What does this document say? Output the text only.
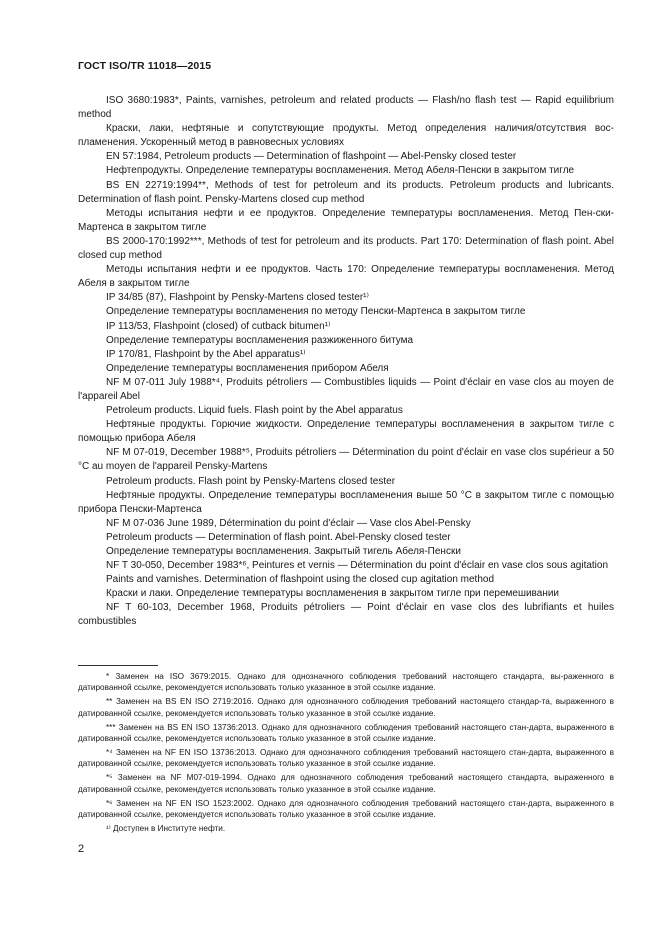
ГОСТ ISO/TR 11018—2015

ISO 3680:1983*, Paints, varnishes, petroleum and related products — Flash/no flash test — Rapid equilibrium method

Краски, лаки, нефтяные и сопутствующие продукты. Метод определения наличия/отсутствия вос-пламенения. Ускоренный метод в равновесных условиях

EN 57:1984, Petroleum products — Determination of flashpoint — Abel-Pensky closed tester

Нефтепродукты. Определение температуры воспламенения. Метод Абеля-Пенски в закрытом тигле

BS EN 22719:1994**, Methods of test for petroleum and its products. Petroleum products and lubricants. Determination of flash point. Pensky-Martens closed cup method

Методы испытания нефти и ее продуктов. Определение температуры воспламенения. Метод Пен-ски-Мартенса в закрытом тигле

BS 2000-170:1992***, Methods of test for petroleum and its products. Part 170: Determination of flash point. Abel closed cup method

Методы испытания нефти и ее продуктов. Часть 170: Определение температуры воспламенения. Метод Абеля в закрытом тигле

IP 34/85 (87), Flashpoint by Pensky-Martens closed tester¹⁾

Определение температуры воспламенения по методу Пенски-Мартенса в закрытом тигле

IP 113/53, Flashpoint (closed) of cutback bitumen¹⁾

Определение температуры воспламенения разжиженного битума

IP 170/81, Flashpoint by the Abel apparatus¹⁾

Определение температуры воспламенения прибором Абеля

NF M 07-011 July 1988*⁴, Produits pétroliers — Combustibles liquids — Point d'éclair en vase clos au moyen de l'appareil Abel

Petroleum products. Liquid fuels. Flash point by the Abel apparatus

Нефтяные продукты. Горючие жидкости. Определение температуры воспламенения в закрытом тигле с помощью прибора Абеля

NF M 07-019, December 1988*⁵, Produits pétroliers — Détermination du point d'éclair en vase clos supérieur a 50 °C au moyen de l'appareil Pensky-Martens

Petroleum products. Flash point by Pensky-Martens closed tester

Нефтяные продукты. Определение температуры воспламенения выше 50 °C в закрытом тигле с помощью прибора Пенски-Мартенса

NF M 07-036 June 1989, Détermination du point d'éclair — Vase clos Abel-Pensky

Petroleum products — Determination of flash point. Abel-Pensky closed tester

Определение температуры воспламенения. Закрытый тигель Абеля-Пенски

NF T 30-050, December 1983*⁶, Peintures et vernis — Détermination du point d'éclair en vase clos sous agitation

Paints and varnishes. Determination of flashpoint using the closed cup agitation method

Краски и лаки. Определение температуры воспламенения в закрытом тигле при перемешивании

NF T 60-103, December 1968, Produits pétroliers — Point d'éclair en vase clos des lubrifiants et huiles combustibles

* Заменен на ISO 3679:2015. Однако для однозначного соблюдения требований настоящего стандарта, вы-раженного в датированной ссылке, рекомендуется использовать только указанное в этой ссылке издание.

** Заменен на BS EN ISO 2719:2016. Однако для однозначного соблюдения требований настоящего стандар-та, выраженного в датированной ссылке, рекомендуется использовать только указанное в этой ссылке издание.

*** Заменен на BS EN ISO 13736:2013. Однако для однозначного соблюдения требований настоящего стан-дарта, выраженного в датированной ссылке, рекомендуется использовать только указанное в этой ссылке издание.

*⁴ Заменен на NF EN ISO 13736:2013. Однако для однозначного соблюдения требований настоящего стан-дарта, выраженного в датированной ссылке, рекомендуется использовать только указанное в этой ссылке издание.

*⁵ Заменен на NF M07-019-1994. Однако для однозначного соблюдения требований настоящего стандарта, выраженного в датированной ссылке, рекомендуется использовать только указанное в этой ссылке издание.

*⁶ Заменен на NF EN ISO 1523:2002. Однако для однозначного соблюдения требований настоящего стан-дарта, выраженного в датированной ссылке, рекомендуется использовать только указанное в этой ссылке издание.

¹⁾ Доступен в Институте нефти.

2
